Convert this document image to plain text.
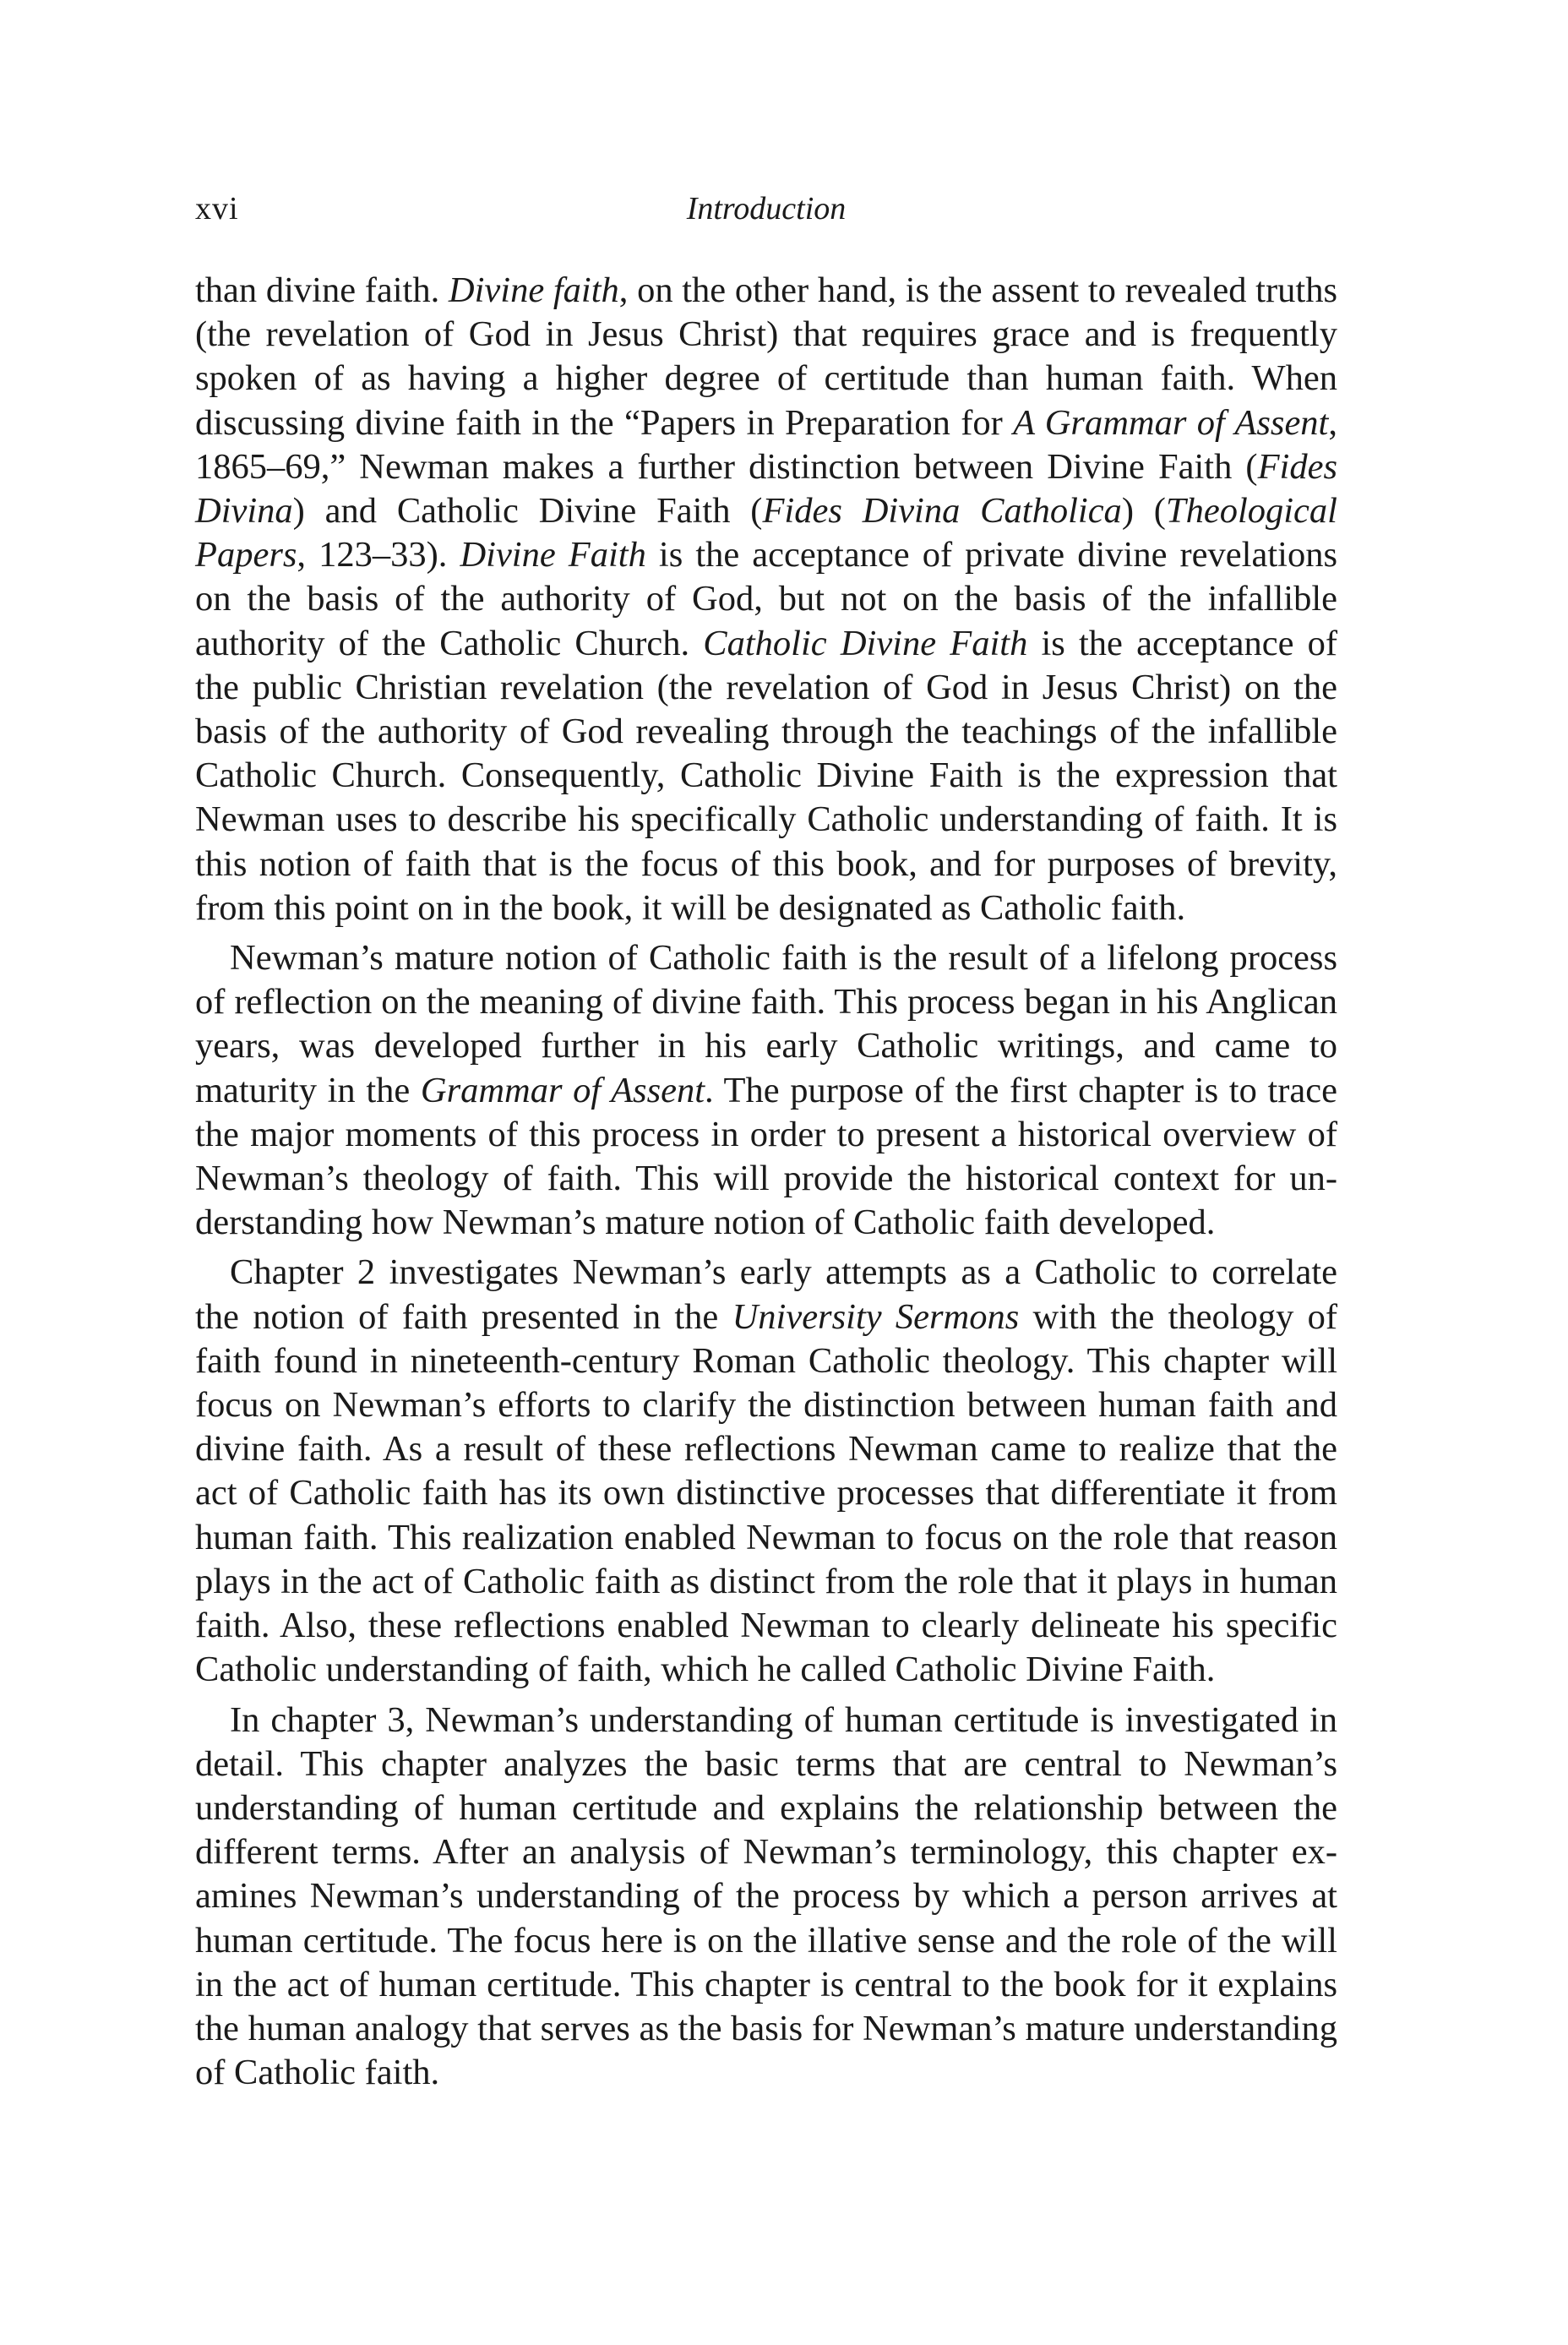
xvi	Introduction

than divine faith. Divine faith, on the other hand, is the assent to revealed truths (the revelation of God in Jesus Christ) that requires grace and is frequently spoken of as having a higher degree of certitude than human faith. When discussing divine faith in the “Papers in Preparation for A Grammar of Assent, 1865–69,” Newman makes a further distinction between Divine Faith (Fides Divina) and Catholic Divine Faith (Fides Divina Catholica) (Theological Papers, 123–33). Divine Faith is the acceptance of private divine revelations on the basis of the authority of God, but not on the basis of the infallible authority of the Catholic Church. Catholic Divine Faith is the acceptance of the public Christian revelation (the revelation of God in Jesus Christ) on the basis of the authority of God revealing through the teachings of the infallible Catholic Church. Consequently, Catholic Divine Faith is the expression that Newman uses to describe his specifically Catholic understanding of faith. It is this notion of faith that is the focus of this book, and for purposes of brevity, from this point on in the book, it will be designated as Catholic faith.

Newman’s mature notion of Catholic faith is the result of a lifelong process of reflection on the meaning of divine faith. This process began in his Anglican years, was developed further in his early Catholic writings, and came to maturity in the Grammar of Assent. The purpose of the first chapter is to trace the major moments of this process in order to present a historical overview of Newman’s theology of faith. This will provide the historical context for understanding how Newman’s mature notion of Catholic faith developed.

Chapter 2 investigates Newman’s early attempts as a Catholic to correlate the notion of faith presented in the University Sermons with the theology of faith found in nineteenth-century Roman Catholic theology. This chapter will focus on Newman’s efforts to clarify the distinction between human faith and divine faith. As a result of these reflections Newman came to realize that the act of Catholic faith has its own distinctive processes that differentiate it from human faith. This realization enabled Newman to focus on the role that reason plays in the act of Catholic faith as distinct from the role that it plays in human faith. Also, these reflections enabled Newman to clearly delineate his specific Catholic understanding of faith, which he called Catholic Divine Faith.

In chapter 3, Newman’s understanding of human certitude is investigated in detail. This chapter analyzes the basic terms that are central to Newman’s understanding of human certitude and explains the relationship between the different terms. After an analysis of Newman’s terminology, this chapter examines Newman’s understanding of the process by which a person arrives at human certitude. The focus here is on the illative sense and the role of the will in the act of human certitude. This chapter is central to the book for it explains the human analogy that serves as the basis for Newman’s mature understanding of Catholic faith.
